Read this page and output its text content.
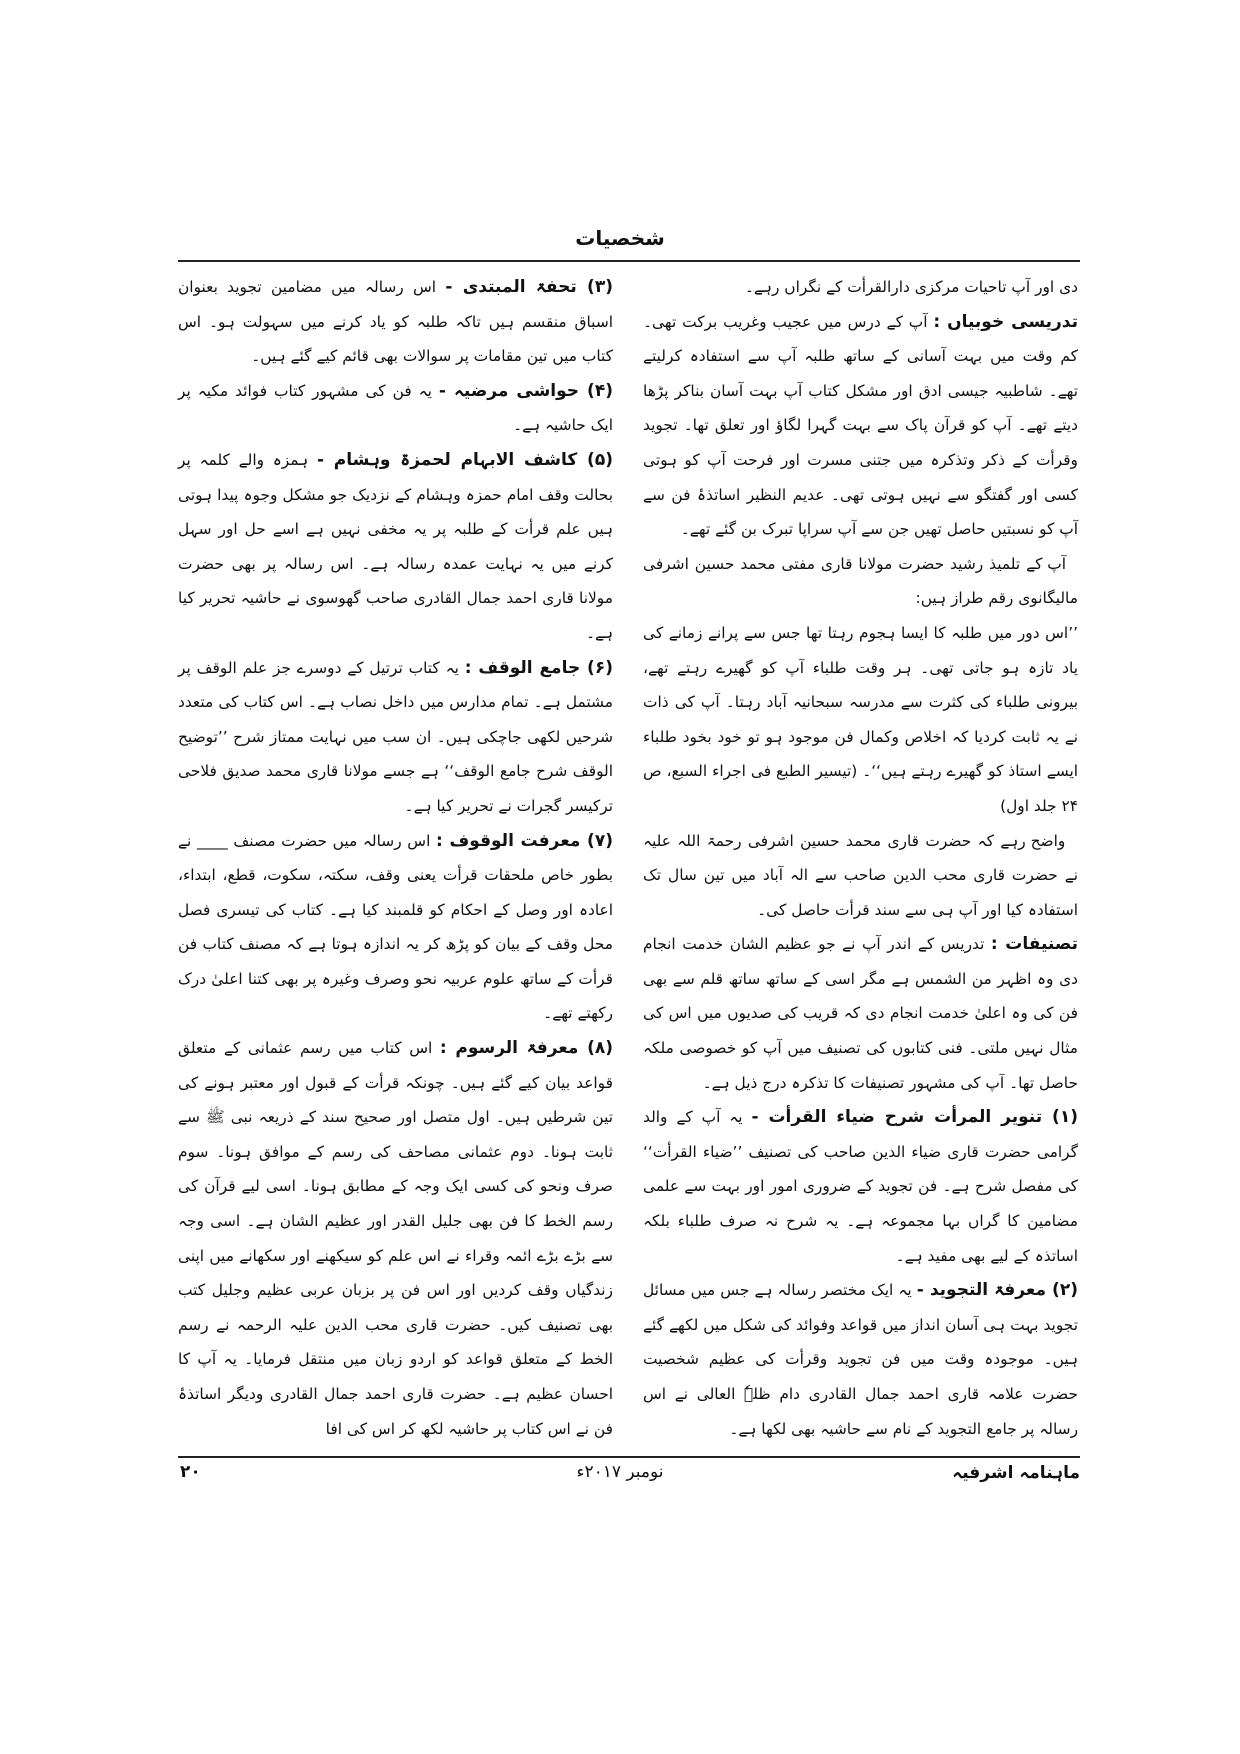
شخصیات

دی اور آپ تاحیات مرکزی دارالقرأت کے نگراں رہے۔

تدریسی خوبیاں : آپ کے درس میں عجیب وغریب برکت تھی۔ کم وقت میں بہت آسانی کے ساتھ طلبہ آپ سے استفادہ کرلیتے تھے۔ شاطبیہ جیسی ادق اور مشکل کتاب آپ بہت آسان بناکر پڑھا دیتے تھے۔ آپ کو قرآن پاک سے بہت گہرا لگاؤ اور تعلق تھا۔ تجوید وقرأت کے ذکر وتذکرہ میں جتنی مسرت اور فرحت آپ کو ہوتی کسی اور گفتگو سے نہیں ہوتی تھی۔ عدیم النظیر اساتذۂ فن سے آپ کو نسبتیں حاصل تھیں جن سے آپ سراپا تبرک بن گئے تھے۔

آپ کے تلمیذ رشید حضرت مولانا قاری مفتی محمد حسین اشرفی مالیگانوی رقم طراز ہیں:

’’اس دور میں طلبہ کا ایسا ہجوم رہتا تھا جس سے پرانے زمانے کی یاد تازہ ہو جاتی تھی۔ ہر وقت طلباء آپ کو گھیرے رہتے تھے، بیرونی طلباء کی کثرت سے مدرسہ سبحانیہ آباد رہتا۔ آپ کی ذات نے یہ ثابت کردیا کہ اخلاص وکمال فن موجود ہو تو خود بخود طلباء ایسے استاذ کو گھیرے رہتے ہیں‘‘۔ (تیسیر الطبع فی اجراء السبع، ص ۲۴ جلد اول)

واضح رہے کہ حضرت قاری محمد حسین اشرفی رحمۃ اللہ علیہ نے حضرت قاری محب الدین صاحب سے الہ آباد میں تین سال تک استفادہ کیا اور آپ ہی سے سند قرأت حاصل کی۔

تصنیفات : تدریس کے اندر آپ نے جو عظیم الشان خدمت انجام دی وہ اظہر من الشمس ہے مگر اسی کے ساتھ ساتھ قلم سے بھی فن کی وہ اعلیٰ خدمت انجام دی کہ قریب کی صدیوں میں اس کی مثال نہیں ملتی۔ فنی کتابوں کی تصنیف میں آپ کو خصوصی ملکہ حاصل تھا۔ آپ کی مشہور تصنیفات کا تذکرہ درج ذیل ہے۔

(۱) تنویر المرأت شرح ضیاء القرأت - یہ آپ کے والد گرامی حضرت قاری ضیاء الدین صاحب کی تصنیف ’’ضیاء القرأت‘‘ کی مفصل شرح ہے۔ فن تجوید کے ضروری امور اور بہت سے علمی مضامین کا گراں بہا مجموعہ ہے۔ یہ شرح نہ صرف طلباء بلکہ اساتذہ کے لیے بھی مفید ہے۔

(۲) معرفۃ التجوید - یہ ایک مختصر رسالہ ہے جس میں مسائل تجوید بہت ہی آسان انداز میں قواعد وفوائد کی شکل میں لکھے گئے ہیں۔ موجودہ وقت میں فن تجوید وقرأت کی عظیم شخصیت حضرت علامہ قاری احمد جمال القادری دام ظلہٗ العالی نے اس رسالہ پر جامع التجوید کے نام سے حاشیہ بھی لکھا ہے۔

(۳) تحفۃ المبتدی - اس رسالہ میں مضامین تجوید بعنوان اسباق منقسم ہیں تاکہ طلبہ کو یاد کرنے میں سہولت ہو۔ اس کتاب میں تین مقامات پر سوالات بھی قائم کیے گئے ہیں۔

(۴) حواشی مرضیہ - یہ فن کی مشہور کتاب فوائد مکیہ پر ایک حاشیہ ہے۔

(۵) کاشف الابہام لحمزۃ وہشام - ہمزہ والے کلمہ پر بحالت وقف امام حمزہ وہشام کے نزدیک جو مشکل وجوہ پیدا ہوتی ہیں علم قرأت کے طلبہ پر یہ مخفی نہیں ہے اسے حل اور سہل کرنے میں یہ نہایت عمدہ رسالہ ہے۔ اس رسالہ پر بھی حضرت مولانا قاری احمد جمال القادری صاحب گھوسوی نے حاشیہ تحریر کیا ہے۔

(۶) جامع الوقف : یہ کتاب ترتیل کے دوسرے جز علم الوقف پر مشتمل ہے۔ تمام مدارس میں داخل نصاب ہے۔ اس کتاب کی متعدد شرحیں لکھی جاچکی ہیں۔ ان سب میں نہایت ممتاز شرح ’’توضیح الوقف شرح جامع الوقف‘‘ ہے جسے مولانا قاری محمد صدیق فلاحی ترکیسر گجرات نے تحریر کیا ہے۔

(۷) معرفت الوقوف : اس رسالہ میں حضرت مصنف ____ نے بطور خاص ملحقات قرأت یعنی وقف، سکتہ، سکوت، قطع، ابتداء، اعادہ اور وصل کے احکام کو قلمبند کیا ہے۔ کتاب کی تیسری فصل محل وقف کے بیان کو پڑھ کر یہ اندازہ ہوتا ہے کہ مصنف کتاب فن قرأت کے ساتھ علوم عربیہ نحو وصرف وغیرہ پر بھی کتنا اعلیٰ درک رکھتے تھے۔

(۸) معرفۃ الرسوم : اس کتاب میں رسم عثمانی کے متعلق قواعد بیان کیے گئے ہیں۔ چونکہ قرأت کے قبول اور معتبر ہونے کی تین شرطیں ہیں۔ اول متصل اور صحیح سند کے ذریعہ نبی ﷺ سے ثابت ہونا۔ دوم عثمانی مصاحف کی رسم کے موافق ہونا۔ سوم صرف ونحو کی کسی ایک وجہ کے مطابق ہونا۔ اسی لیے قرآن کی رسم الخط کا فن بھی جلیل القدر اور عظیم الشان ہے۔ اسی وجہ سے بڑے بڑے ائمہ وقراء نے اس علم کو سیکھنے اور سکھانے میں اپنی زندگیاں وقف کردیں اور اس فن پر بزبان عربی عظیم وجلیل کتب بھی تصنیف کیں۔ حضرت قاری محب الدین علیہ الرحمہ نے رسم الخط کے متعلق قواعد کو اردو زبان میں منتقل فرمایا۔ یہ آپ کا احسان عظیم ہے۔ حضرت قاری احمد جمال القادری ودیگر اساتذۂ فن نے اس کتاب پر حاشیہ لکھ کر اس کی افا

ماہنامہ اشرفیہ
نومبر ۲۰۱۷ء
۲۰
